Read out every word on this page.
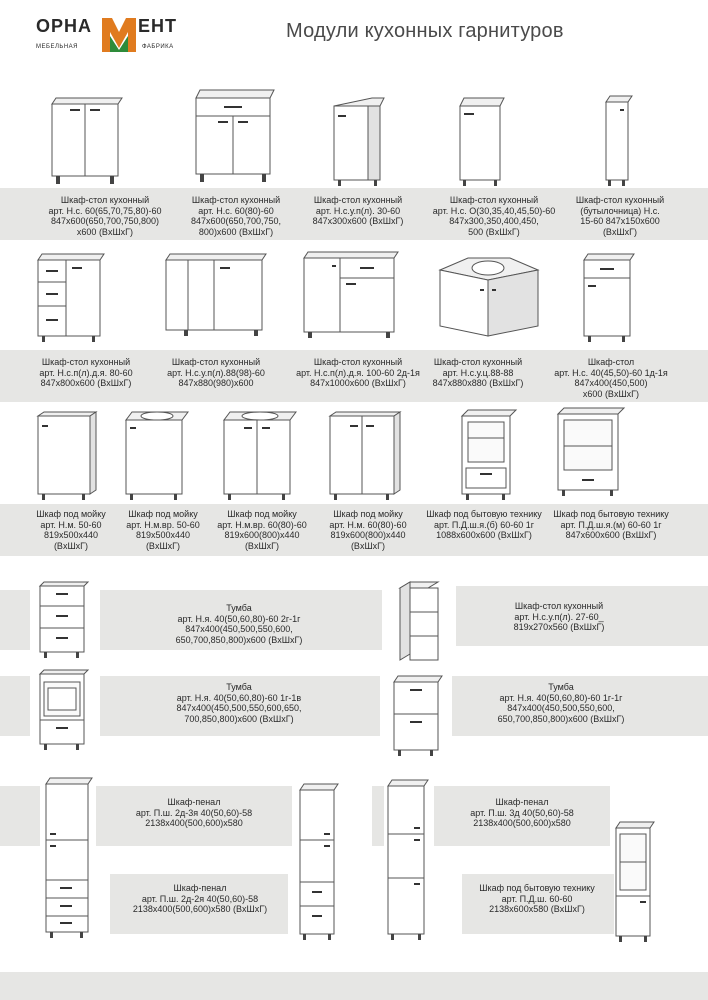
ОРНА	ЕНТ
МЕБЕЛЬНАЯ	ФАБРИКА
Модули кухонных гарнитуров
Шкаф-стол кухонный
арт. Н.с. 60(65,70,75,80)-60
847x600(650,700,750,800)
x600 (ВxШxГ)
Шкаф-стол кухонный
арт. Н.с. 60(80)-60
847x600(650,700,750,
800)x600 (ВxШxГ)
Шкаф-стол кухонный
арт. Н.с.у.п(л). 30-60
847x300x600 (ВxШxГ)
Шкаф-стол кухонный
арт. Н.с. О(30,35,40,45,50)-60
847x300,350,400,450,
500 (ВxШxГ)
Шкаф-стол кухонный
(бутылочница) Н.с.
15-60 847x150x600
(ВxШxГ)
Шкаф-стол кухонный
арт. Н.с.п(л).д.я. 80-60
847x800x600 (ВxШxГ)
Шкаф-стол кухонный
арт. Н.с.у.п(л).88(98)-60
847x880(980)x600
Шкаф-стол кухонный
арт. Н.с.п(л).д.я. 100-60 2д-1я
847x1000x600 (ВxШxГ)
Шкаф-стол кухонный
арт. Н.с.у.ц.88-88
847x880x880 (ВxШxГ)
Шкаф-стол
арт. Н.с. 40(45,50)-60 1д-1я
847x400(450,500)
x600 (ВxШxГ)
Шкаф под мойку
арт. Н.м. 50-60
819x500x440
(ВxШxГ)
Шкаф под мойку
арт. Н.м.вр. 50-60
819x500x440
(ВxШxГ)
Шкаф под мойку
арт. Н.м.вр. 60(80)-60
819x600(800)x440
(ВxШxГ)
Шкаф под мойку
арт. Н.м. 60(80)-60
819x600(800)x440
(ВxШxГ)
Шкаф под бытовую технику
арт. П.Д.ш.я.(б) 60-60 1г
1088x600x600 (ВxШxГ)
Шкаф под бытовую технику
арт. П.Д.ш.я.(м) 60-60 1г
847x600x600 (ВxШxГ)
Тумба
арт. Н.я. 40(50,60,80)-60 2г-1г
847x400(450,500,550,600,
650,700,850,800)x600 (ВxШxГ)
Шкаф-стол кухонный
арт. Н.с.у.п(л). 27-60_
819x270x560 (ВxШxГ)
Тумба
арт. Н.я. 40(50,60,80)-60 1г-1в
847x400(450,500,550,600,650,
700,850,800)x600 (ВxШxГ)
Тумба
арт. Н.я. 40(50,60,80)-60 1г-1г
847x400(450,500,550,600,
650,700,850,800)x600 (ВxШxГ)
Шкаф-пенал
арт. П.ш. 2д-3я 40(50,60)-58
2138x400(500,600)x580
Шкаф-пенал
арт. П.ш. 2д-2я 40(50,60)-58
2138x400(500,600)x580 (ВxШxГ)
Шкаф-пенал
арт. П.ш. 3д 40(50,60)-58
2138x400(500,600)x580
Шкаф под бытовую технику
арт. П.Д.ш. 60-60
2138x600x580 (ВxШxГ)
